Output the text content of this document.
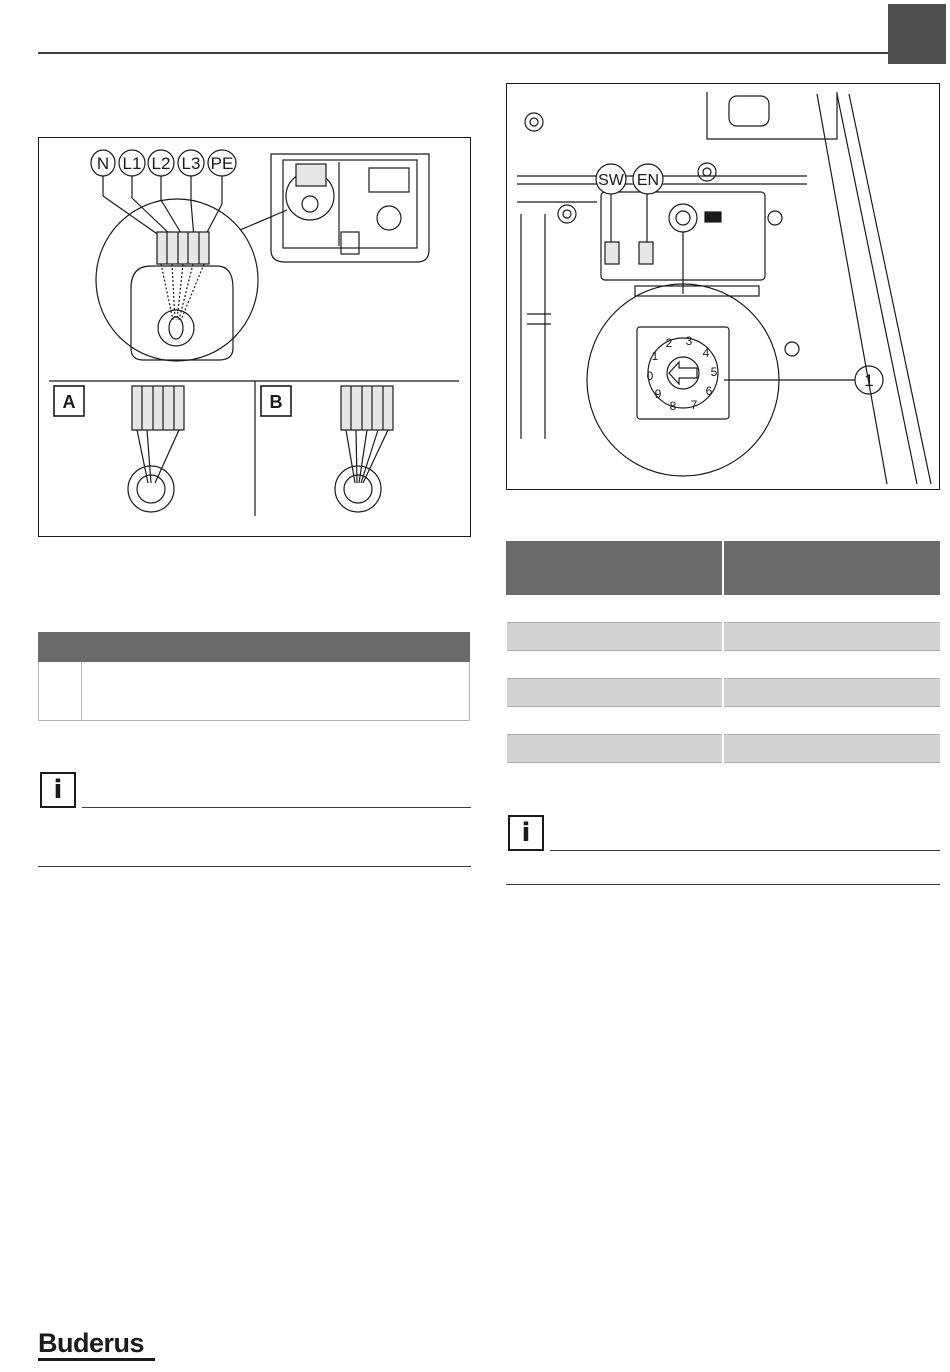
N L1 L2 L3 PE
A	B
SW EN
1
0
1
2 3
4
5
6
7
8
9

i

i
Buderus
